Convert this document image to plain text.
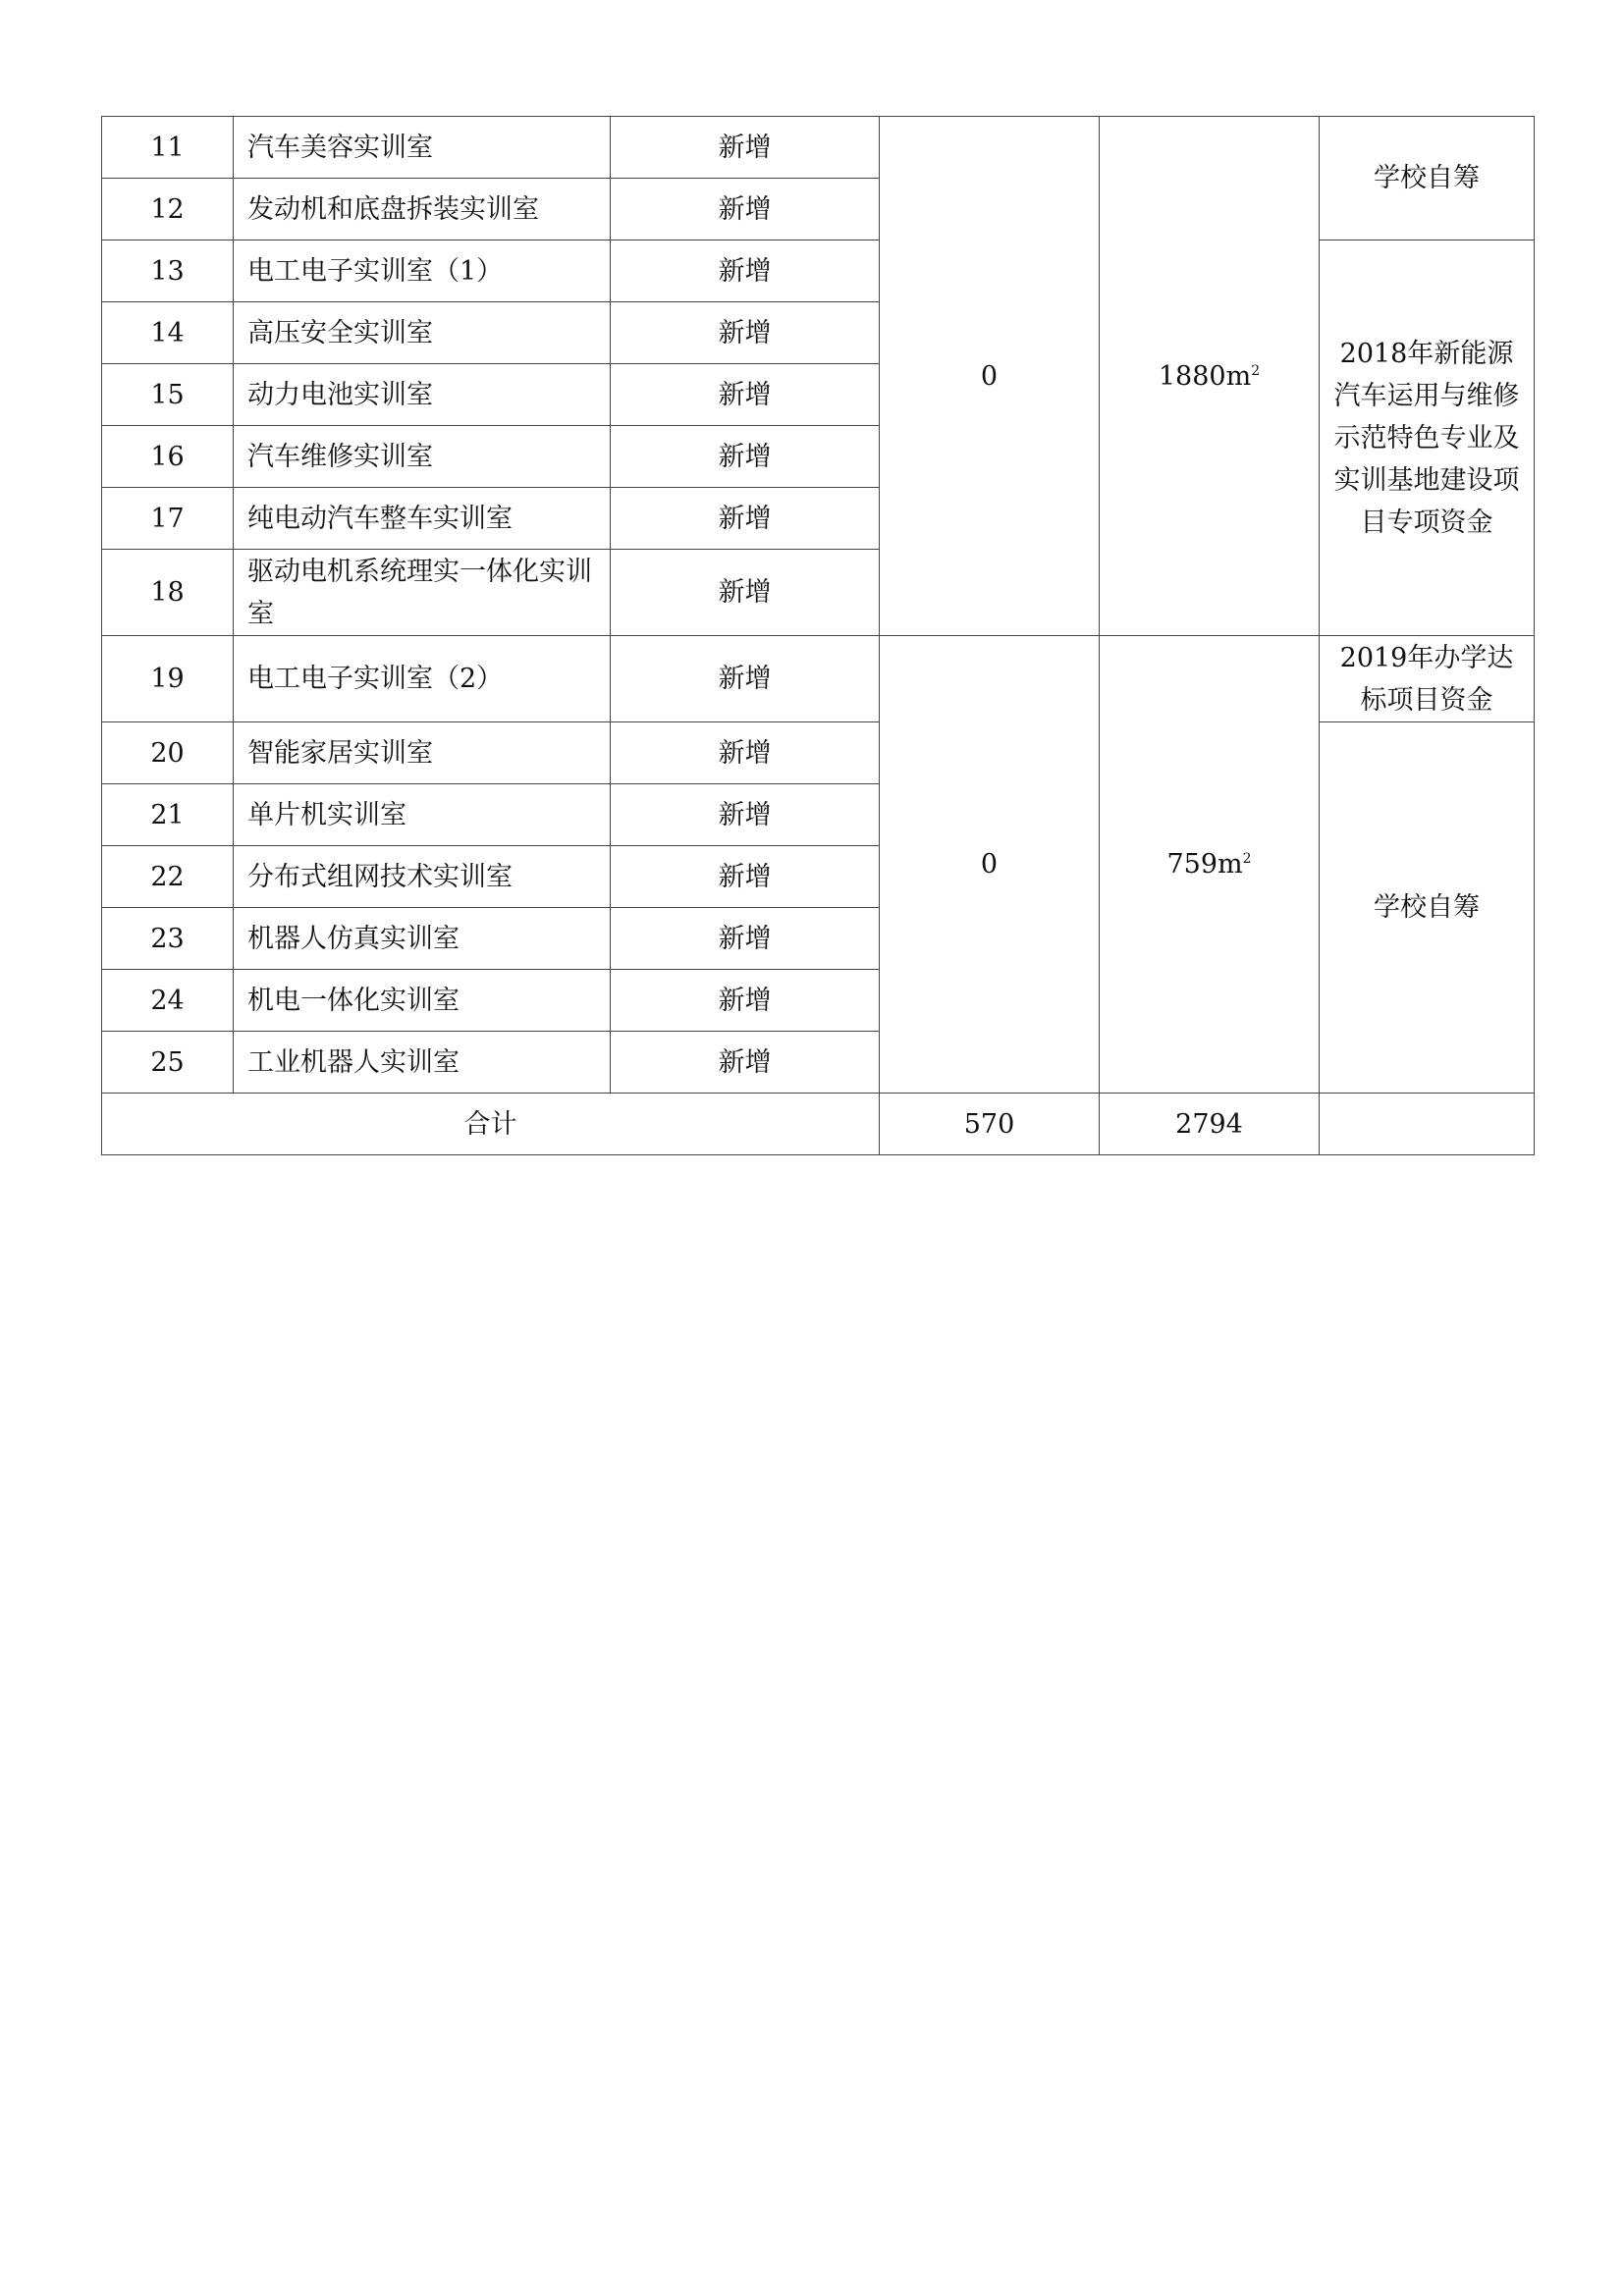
11	汽车美容实训室	新增	0	$1880m^2$	学校自筹
12	发动机和底盘拆装实训室	新增			
13	电工电子实训室（1）	新增			2018年新能源汽车运用与维修示范特色专业及实训基地建设项目专项资金
14	高压安全实训室	新增			
15	动力电池实训室	新增			
16	汽车维修实训室	新增			
17	纯电动汽车整车实训室	新增			
18	驱动电机系统理实一体化实训室	新增			
19	电工电子实训室（2）	新增	0	$759m^2$	2019年办学达标项目资金
20	智能家居实训室	新增			学校自筹
21	单片机实训室	新增			
22	分布式组网技术实训室	新增			
23	机器人仿真实训室	新增			
24	机电一体化实训室	新增			
25	工业机器人实训室	新增			
合计			570	2794	
